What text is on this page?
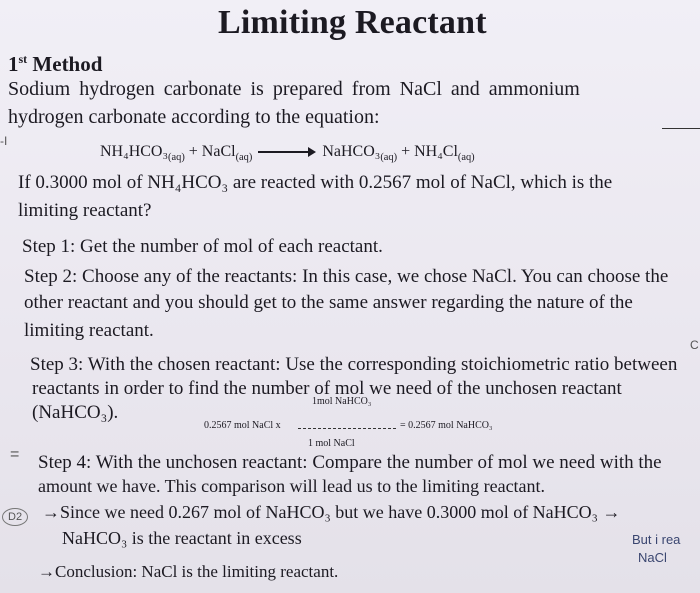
Limiting Reactant
1st Method
Sodium hydrogen carbonate is prepared from NaCl and ammonium
hydrogen carbonate according to the equation:
-I
$NH_4HCO_3_{(aq)}$ + NaCl$_{(aq)}$ → $NaHCO_3_{(aq)} + NH_4Cl_{(aq)}$
If 0.3000 mol of NH₄HCO₃ are reacted with 0.2567 mol of NaCl, which is the
limiting reactant?
Step 1: Get the number of mol of each reactant.
Step 2: Choose any of the reactants: In this case, we chose NaCl. You can choose the
other reactant and you should get to the same answer regarding the nature of the
limiting reactant.
Step 3: With the chosen reactant: Use the corresponding stoichiometric ratio between
C
reactants in order to find the number of mol we need of the unchosen reactant
(NaHCO₃).
1mol NaHCO₃
0.2567 mol NaCl x	= 0.2567 mol NaHCO₃
1 mol NaCl
= Step 4: With the unchosen reactant: Compare the number of mol we need with the
amount we have. This comparison will lead us to the limiting reactant.
D2	→Since we need 0.267 mol of NaHCO₃ but we have 0.3000 mol of NaHCO₃ →
NaHCO₃ is the reactant in excess
→Conclusion: NaCl is the limiting reactant.
But i rea
NaCl
